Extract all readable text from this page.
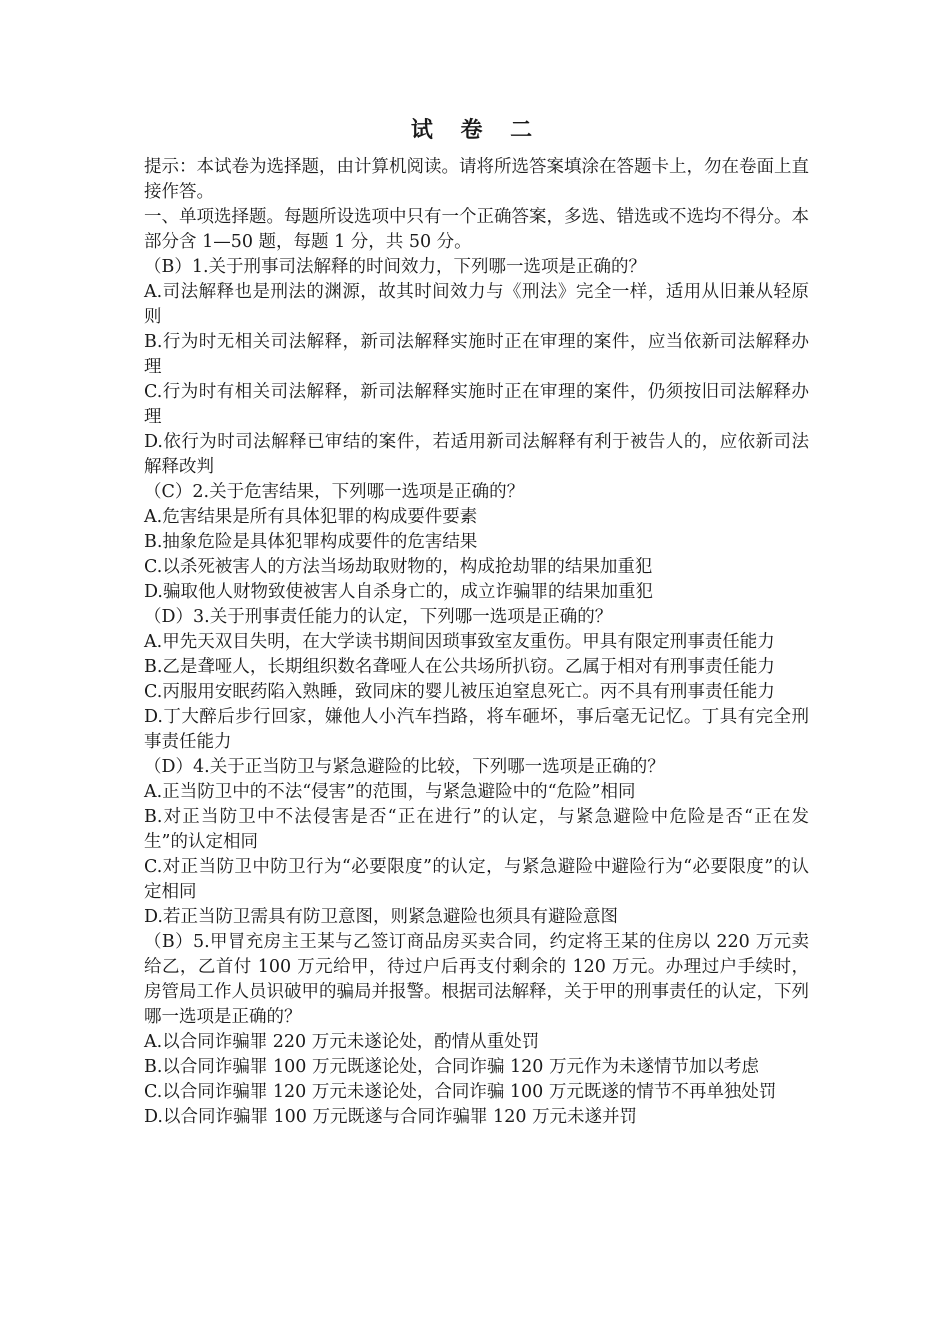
试 卷 二

提示：本试卷为选择题，由计算机阅读。请将所选答案填涂在答题卡上，勿在卷面上直接作答。

一、单项选择题。每题所设选项中只有一个正确答案，多选、错选或不选均不得分。本部分含 1—50 题，每题 1 分，共 50 分。

（B）1.关于刑事司法解释的时间效力，下列哪一选项是正确的？

A.司法解释也是刑法的渊源，故其时间效力与《刑法》完全一样，适用从旧兼从轻原则

B.行为时无相关司法解释，新司法解释实施时正在审理的案件，应当依新司法解释办理

C.行为时有相关司法解释，新司法解释实施时正在审理的案件，仍须按旧司法解释办理

D.依行为时司法解释已审结的案件，若适用新司法解释有利于被告人的，应依新司法解释改判

（C）2.关于危害结果，下列哪一选项是正确的？

A.危害结果是所有具体犯罪的构成要件要素

B.抽象危险是具体犯罪构成要件的危害结果

C.以杀死被害人的方法当场劫取财物的，构成抢劫罪的结果加重犯

D.骗取他人财物致使被害人自杀身亡的，成立诈骗罪的结果加重犯

（D）3.关于刑事责任能力的认定，下列哪一选项是正确的？

A.甲先天双目失明，在大学读书期间因琐事致室友重伤。甲具有限定刑事责任能力

B.乙是聋哑人，长期组织数名聋哑人在公共场所扒窃。乙属于相对有刑事责任能力

C.丙服用安眠药陷入熟睡，致同床的婴儿被压迫窒息死亡。丙不具有刑事责任能力

D.丁大醉后步行回家，嫌他人小汽车挡路，将车砸坏，事后毫无记忆。丁具有完全刑事责任能力

（D）4.关于正当防卫与紧急避险的比较，下列哪一选项是正确的？

A.正当防卫中的不法“侵害”的范围，与紧急避险中的“危险”相同

B.对正当防卫中不法侵害是否“正在进行”的认定，与紧急避险中危险是否“正在发生”的认定相同

C.对正当防卫中防卫行为“必要限度”的认定，与紧急避险中避险行为“必要限度”的认定相同

D.若正当防卫需具有防卫意图，则紧急避险也须具有避险意图

（B）5.甲冒充房主王某与乙签订商品房买卖合同，约定将王某的住房以 220 万元卖给乙，乙首付 100 万元给甲，待过户后再支付剩余的 120 万元。办理过户手续时，房管局工作人员识破甲的骗局并报警。根据司法解释，关于甲的刑事责任的认定，下列哪一选项是正确的？

A.以合同诈骗罪 220 万元未遂论处，酌情从重处罚

B.以合同诈骗罪 100 万元既遂论处，合同诈骗 120 万元作为未遂情节加以考虑

C.以合同诈骗罪 120 万元未遂论处，合同诈骗 100 万元既遂的情节不再单独处罚

D.以合同诈骗罪 100 万元既遂与合同诈骗罪 120 万元未遂并罚
